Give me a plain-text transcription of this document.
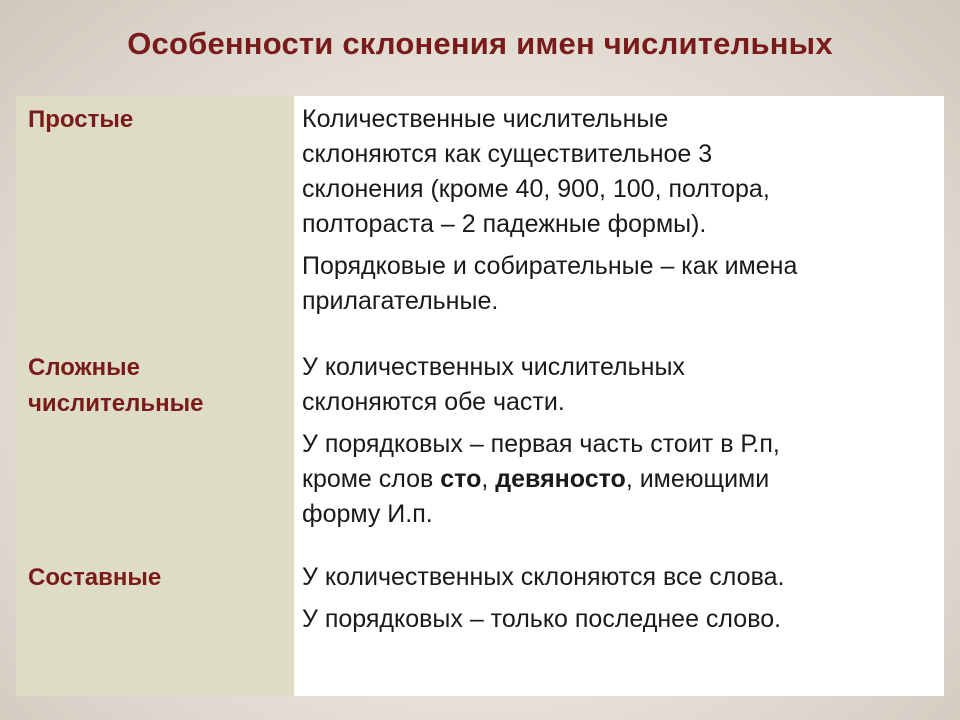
Особенности склонения имен числительных
Простые
Сложные
числительные
Составные

Количественные числительные
склоняются как существительное 3
склонения (кроме 40, 900, 100, полтора,
полтораста – 2 падежные формы).

Порядковые и собирательные – как имена
прилагательные.

У количественных числительных
склоняются обе части.

У порядковых – первая часть стоит в Р.п,
кроме слов сто, девяносто, имеющими
форму И.п.

У количественных склоняются все слова.

У порядковых – только последнее слово.
